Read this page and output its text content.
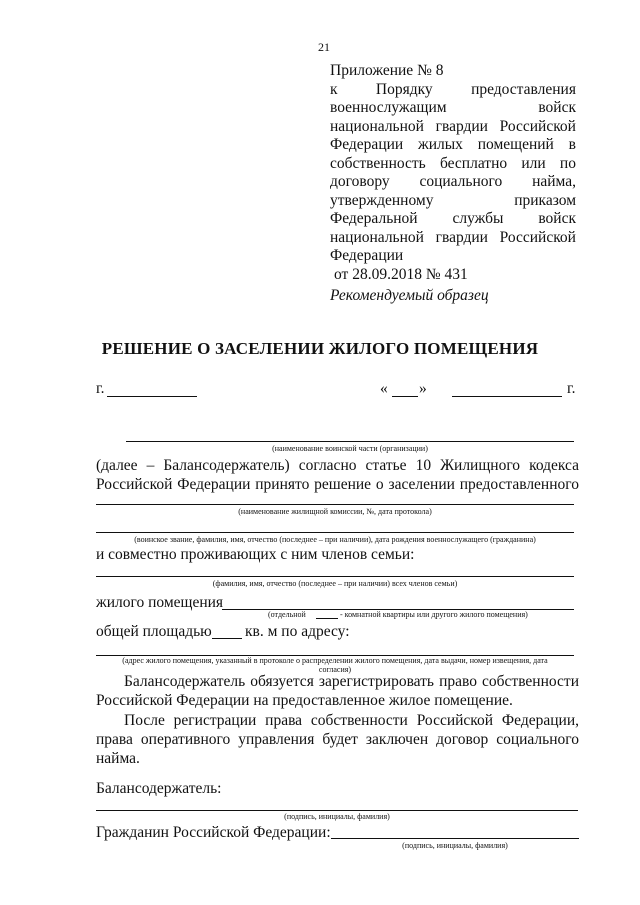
21
Приложение № 8
к Порядку предоставления
военнослужащим	войск
национальной гвардии Российской
Федерации жилых помещений в
собственность бесплатно или по
договору социального найма,
утвержденному	приказом
Федеральной службы войск
национальной гвардии Российской
Федерации
от 28.09.2018 № 431
Рекомендуемый образец
РЕШЕНИЕ О ЗАСЕЛЕНИИ ЖИЛОГО ПОМЕЩЕНИЯ
г.	« »	г.
(наименование воинской части (организации)
(далее – Балансодержатель) согласно статье 10 Жилищного кодекса
Российской Федерации принято решение о заселении предоставленного
(наименование жилищной комиссии, №, дата протокола)
(воинское звание, фамилия, имя, отчество (последнее – при наличии), дата рождения военнослужащего (гражданина)
и совместно проживающих с ним членов семьи:
(фамилия, имя, отчество (последнее – при наличии) всех членов семьи)
жилого помещения
(отдельной	- комнатной квартиры или другого жилого помещения)
общей площадью кв. м по адресу:
(адрес жилого помещения, указанный в протоколе о распределении жилого помещения, дата выдачи, номер извещения, дата
согласия)
Балансодержатель обязуется зарегистрировать право собственности
Российской Федерации на предоставленное жилое помещение.
После регистрации права собственности Российской Федерации,
права оперативного управления будет заключен договор социального
найма.
Балансодержатель:
(подпись, инициалы, фамилия)
Гражданин Российской Федерации:
(подпись, инициалы, фамилия)
